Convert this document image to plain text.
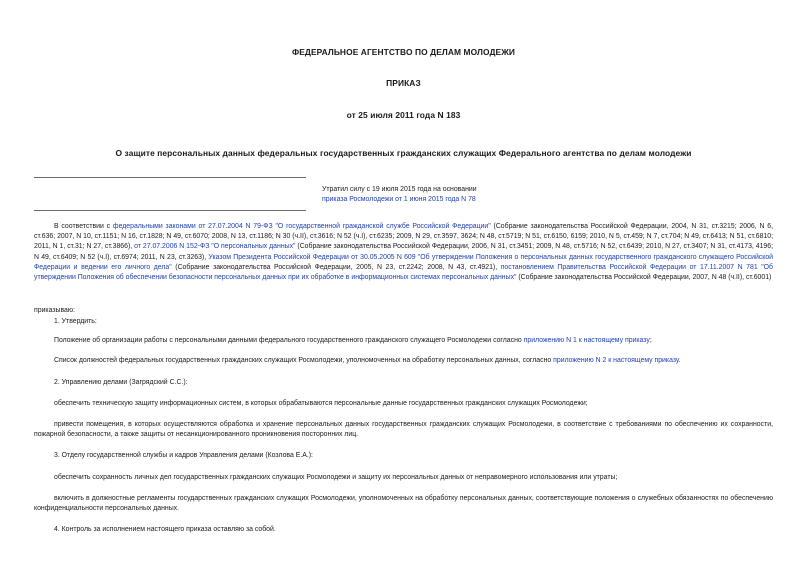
ФЕДЕРАЛЬНОЕ АГЕНТСТВО ПО ДЕЛАМ МОЛОДЕЖИ
ПРИКАЗ
от 25 июля 2011 года N 183
О защите персональных данных федеральных государственных гражданских служащих Федерального агентства по делам молодежи
Утратил силу с 19 июля 2015 года на основании
приказа Росмолодежи от 1 июня 2015 года N 78

В соответствии с федеральными законами от 27.07.2004 N 79-ФЗ "О государственной гражданской службе Российской Федерации" (Собрание законодательства Российской Федерации, 2004, N 31, ст.3215; 2006, N 6, ст.636; 2007, N 10, ст.1151; N 16, ст.1828; N 49, ст.6070; 2008, N 13, ст.1186; N 30 (ч.II), ст.3616; N 52 (ч.I), ст.6235; 2009, N 29, ст.3597, 3624; N 48, ст.5719; N 51, ст.6150, 6159; 2010, N 5, ст.459; N 7, ст.704; N 49, ст.6413; N 51, ст.6810; 2011, N 1, ст.31; N 27, ст.3866), от 27.07.2006 N 152-ФЗ "О персональных данных" (Собрание законодательства Российской Федерации, 2006, N 31, ст.3451; 2009, N 48, ст.5716; N 52, ст.6439; 2010, N 27, ст.3407; N 31, ст.4173, 4196; N 49, ст.6409; N 52 (ч.I), ст.6974; 2011, N 23, ст.3263), Указом Президента Российской Федерации от 30.05.2005 N 609 "Об утверждении Положения о персональных данных государственного гражданского служащего Российской Федерации и ведении его личного дела" (Собрание законодательства Российской Федерации, 2005, N 23, ст.2242; 2008, N 43, ст.4921), постановлением Правительства Российской Федерации от 17.11.2007 N 781 "Об утверждении Положения об обеспечении безопасности персональных данных при их обработке в информационных системах персональных данных" (Собрание законодательства Российской Федерации, 2007, N 48 (ч.II), ст.6001)

приказываю:

1. Утвердить:

Положение об организации работы с персональными данными федерального государственного гражданского служащего Росмолодежи согласно приложению N 1 к настоящему приказу;

Список должностей федеральных государственных гражданских служащих Росмолодежи, уполномоченных на обработку персональных данных, согласно приложению N 2 к настоящему приказу.

2. Управлению делами (Загрядский С.С.):

обеспечить техническую защиту информационных систем, в которых обрабатываются персональные данные государственных гражданских служащих Росмолодежи;

привести помещения, в которых осуществляются обработка и хранение персональных данных государственных гражданских служащих Росмолодежи, в соответствие с требованиями по обеспечению их сохранности, пожарной безопасности, а также защиты от несанкционированного проникновения посторонних лиц.

3. Отделу государственной службы и кадров Управления делами (Козлова Е.А.):

обеспечить сохранность личных дел государственных гражданских служащих Росмолодежи и защиту их персональных данных от неправомерного использования или утраты;

включить в должностные регламенты государственных гражданских служащих Росмолодежи, уполномоченных на обработку персональных данных, соответствующие положения о служебных обязанностях по обеспечению конфиденциальности персональных данных.

4. Контроль за исполнением настоящего приказа оставляю за собой.
